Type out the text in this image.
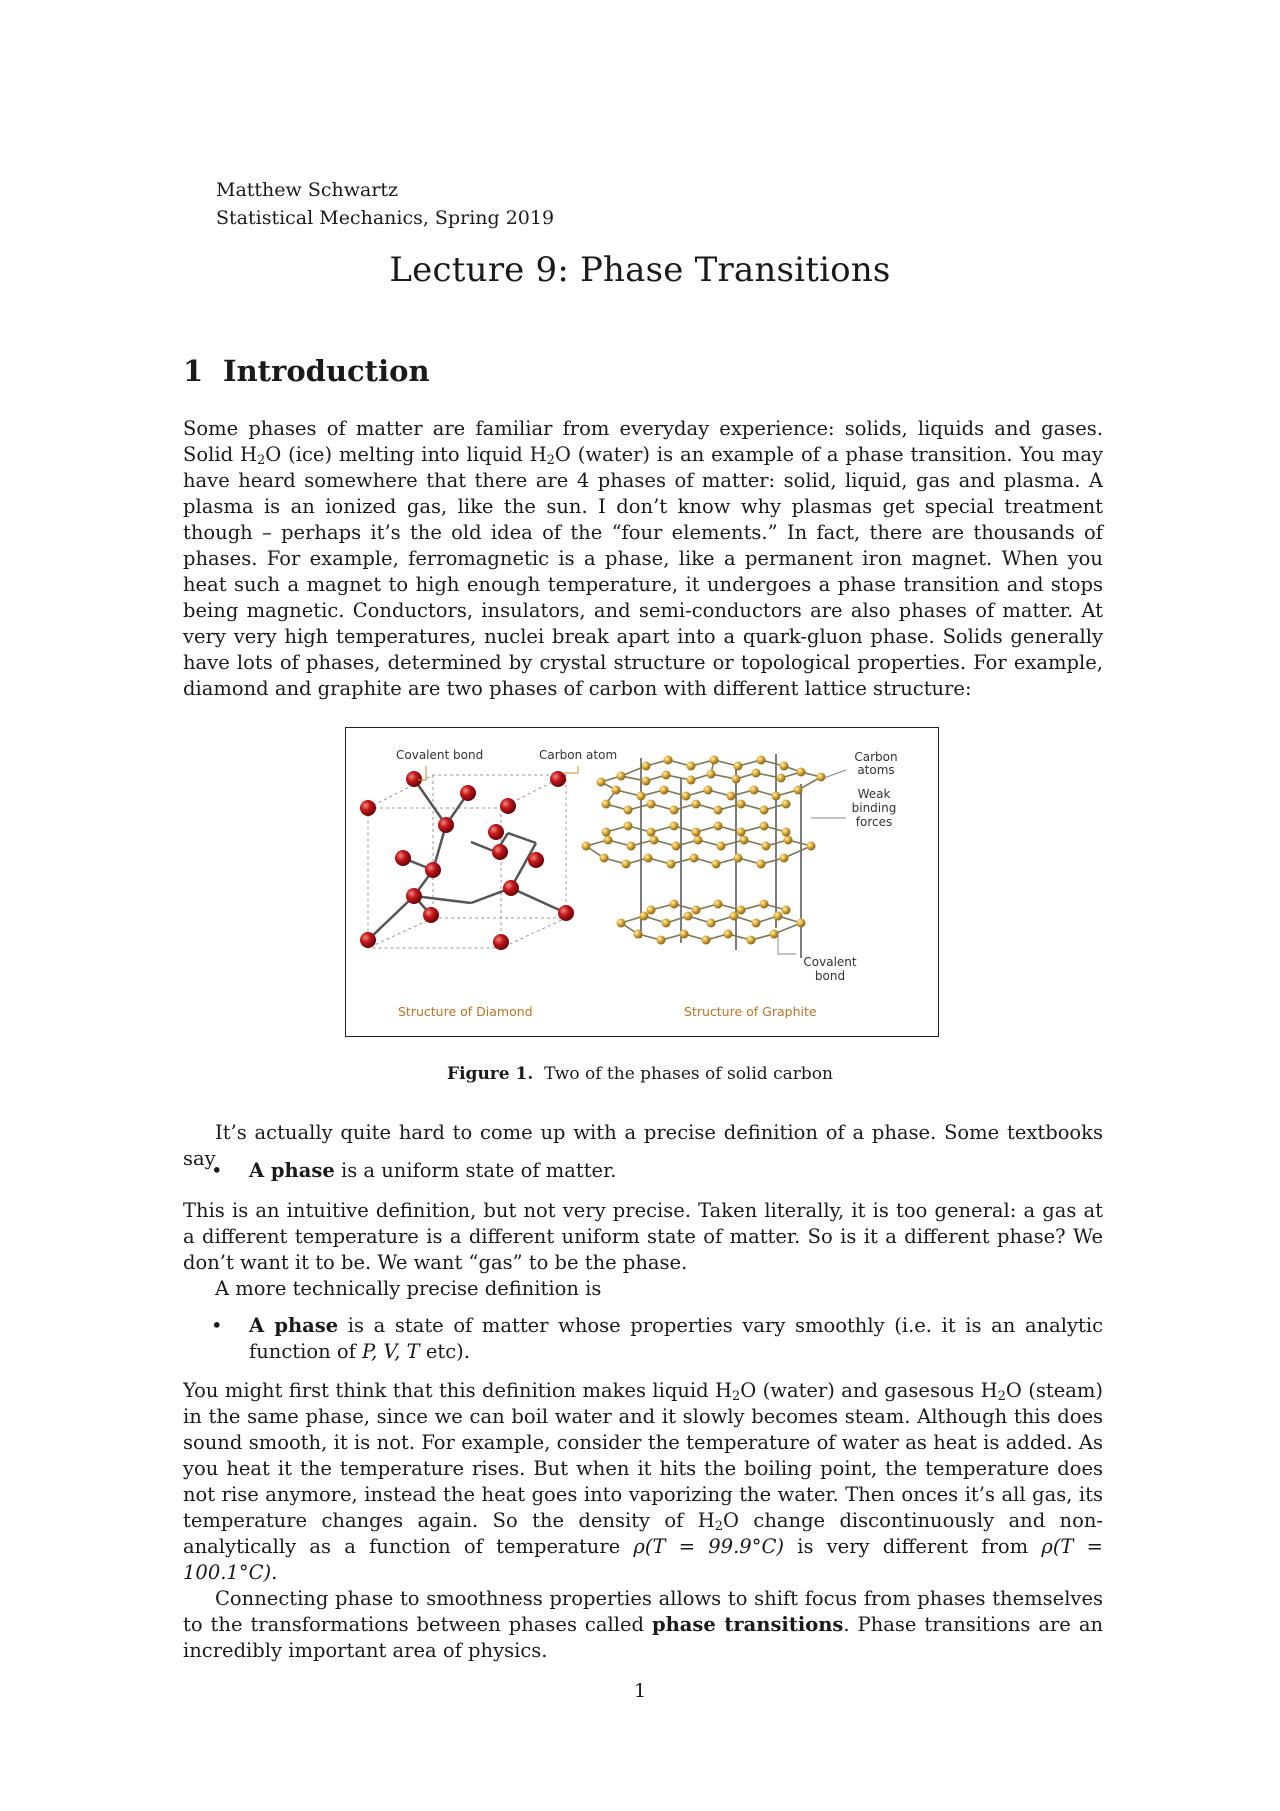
Matthew Schwartz
Statistical Mechanics, Spring 2019
Lecture 9: Phase Transitions
1 Introduction

Some phases of matter are familiar from everyday experience: solids, liquids and gases. Solid $H_2O$ (ice) melting into liquid $H_2O$ (water) is an example of a phase transition. You may have heard somewhere that there are 4 phases of matter: solid, liquid, gas and plasma. A plasma is an ionized gas, like the sun. I don’t know why plasmas get special treatment though – perhaps it’s the old idea of the “four elements.” In fact, there are thousands of phases. For example, ferromagnetic is a phase, like a permanent iron magnet. When you heat such a magnet to high enough temperature, it undergoes a phase transition and stops being magnetic. Conductors, insulators, and semi-conductors are also phases of matter. At very very high temperatures, nuclei break apart into a quark-gluon phase. Solids generally have lots of phases, determined by crystal structure or topological properties. For example, diamond and graphite are two phases of carbon with different lattice structure:

Covalent bond	Carbon atom	Carbon
atoms
Weak
binding
forces
Covalent
bond
Structure of Diamond	Structure of Graphite
Figure 1. Two of the phases of solid carbon

It’s actually quite hard to come up with a precise definition of a phase. Some textbooks say

• A phase is a uniform state of matter.

This is an intuitive definition, but not very precise. Taken literally, it is too general: a gas at a different temperature is a different uniform state of matter. So is it a different phase? We don’t want it to be. We want “gas” to be the phase.

A more technically precise definition is

• A phase is a state of matter whose properties vary smoothly (i.e. it is an analytic function of P, V, T etc).

You might first think that this definition makes liquid $H_2O$ (water) and gasesous $H_2O$ (steam) in the same phase, since we can boil water and it slowly becomes steam. Although this does sound smooth, it is not. For example, consider the temperature of water as heat is added. As you heat it the temperature rises. But when it hits the boiling point, the temperature does not rise anymore, instead the heat goes into vaporizing the water. Then onces it’s all gas, its temperature changes again. So the density of $H_2O$ change discontinuously and non-analytically as a function of temperature ρ(T = 99.9°C) is very different from ρ(T = 100.1°C).

Connecting phase to smoothness properties allows to shift focus from phases themselves to the transformations between phases called phase transitions. Phase transitions are an incredibly important area of physics.

1
